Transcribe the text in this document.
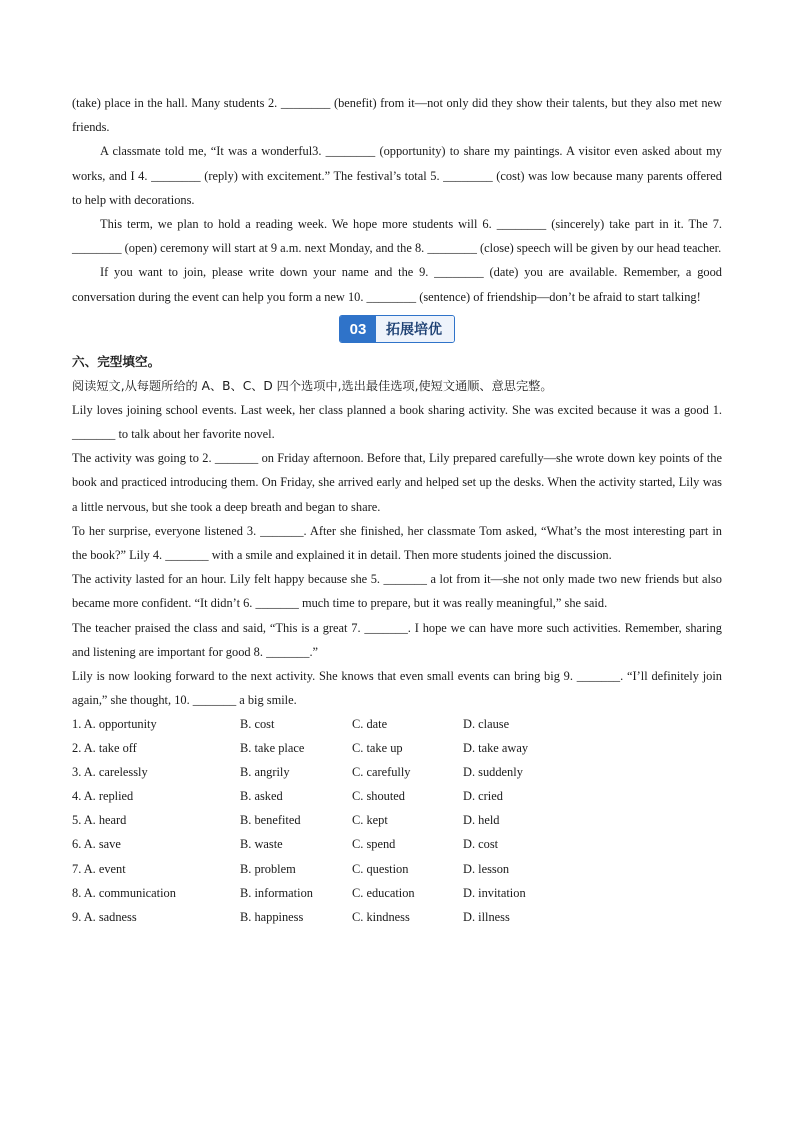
(take) place in the hall. Many students 2. ________ (benefit) from it—not only did they show their talents, but they also met new friends.

A classmate told me, “It was a wonderful3. ________ (opportunity) to share my paintings. A visitor even asked about my works, and I 4. ________ (reply) with excitement.” The festival’s total 5. ________ (cost) was low because many parents offered to help with decorations.

This term, we plan to hold a reading week. We hope more students will 6. ________ (sincerely) take part in it. The 7. ________ (open) ceremony will start at 9 a.m. next Monday, and the 8. ________ (close) speech will be given by our head teacher.

If you want to join, please write down your name and the 9. ________ (date) you are available. Remember, a good conversation during the event can help you form a new 10. ________ (sentence) of friendship—don’t be afraid to start talking!

03	拓展培优

六、完型填空。

阅读短文,从每题所给的 A、B、C、D 四个选项中,选出最佳选项,使短文通顺、意思完整。

Lily loves joining school events. Last week, her class planned a book sharing activity. She was excited because it was a good 1. _______ to talk about her favorite novel.

The activity was going to 2. _______ on Friday afternoon. Before that, Lily prepared carefully—she wrote down key points of the book and practiced introducing them. On Friday, she arrived early and helped set up the desks. When the activity started, Lily was a little nervous, but she took a deep breath and began to share.

To her surprise, everyone listened 3. _______. After she finished, her classmate Tom asked, “What’s the most interesting part in the book?” Lily 4. _______ with a smile and explained it in detail. Then more students joined the discussion.

The activity lasted for an hour. Lily felt happy because she 5. _______ a lot from it—she not only made two new friends but also became more confident. “It didn’t 6. _______ much time to prepare, but it was really meaningful,” she said.

The teacher praised the class and said, “This is a great 7. _______. I hope we can have more such activities. Remember, sharing and listening are important for good 8. _______.”

Lily is now looking forward to the next activity. She knows that even small events can bring big 9. _______. “I’ll definitely join again,” she thought, 10. _______ a big smile.

1. A. opportunity	B. cost	C. date	D. clause
2. A. take off	B. take place	C. take up	D. take away
3. A. carelessly	B. angrily	C. carefully	D. suddenly
4. A. replied	B. asked	C. shouted	D. cried
5. A. heard	B. benefited	C. kept	D. held
6. A. save	B. waste	C. spend	D. cost
7. A. event	B. problem	C. question	D. lesson
8. A. communication	B. information	C. education	D. invitation
9. A. sadness	B. happiness	C. kindness	D. illness
